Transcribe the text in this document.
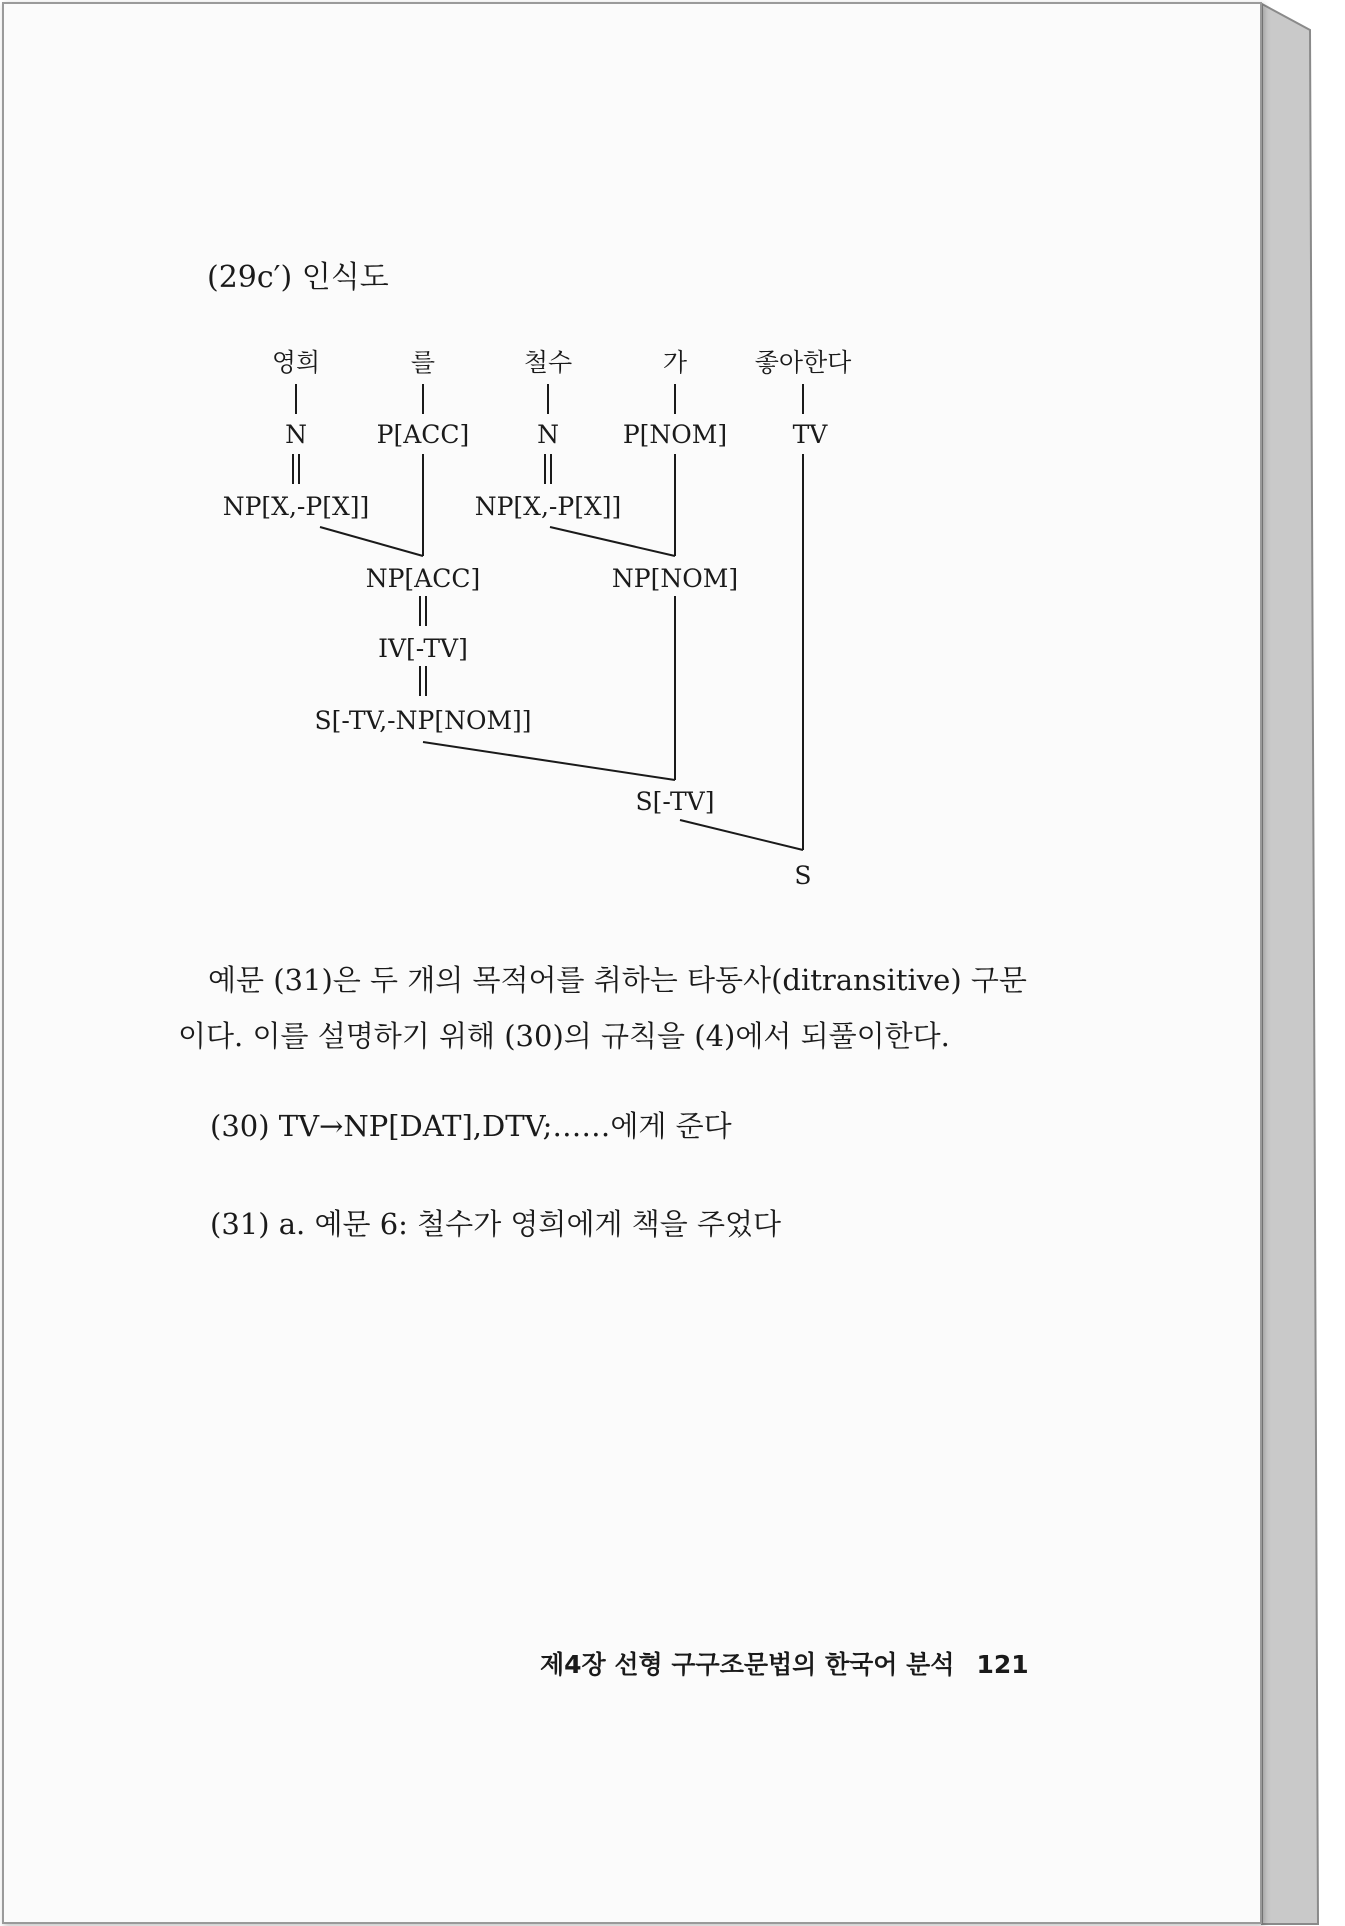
(29c′) 인식도
영희	를	철수	가	좋아한다
N	P[ACC]	N	P[NOM]	TV
NP[X,-P[X]]	NP[X,-P[X]]
NP[ACC]	NP[NOM]
IV[-TV]
S[-TV,-NP[NOM]]
S[-TV]
S
예문 (31)은 두 개의 목적어를 취하는 타동사(ditransitive) 구문
이다. 이를 설명하기 위해 (30)의 규칙을 (4)에서 되풀이한다.
(30) TV→NP[DAT],DTV;……에게 준다
(31) a. 예문 6: 철수가 영희에게 책을 주었다
제4장 선형 구구조문법의 한국어 분석 121
